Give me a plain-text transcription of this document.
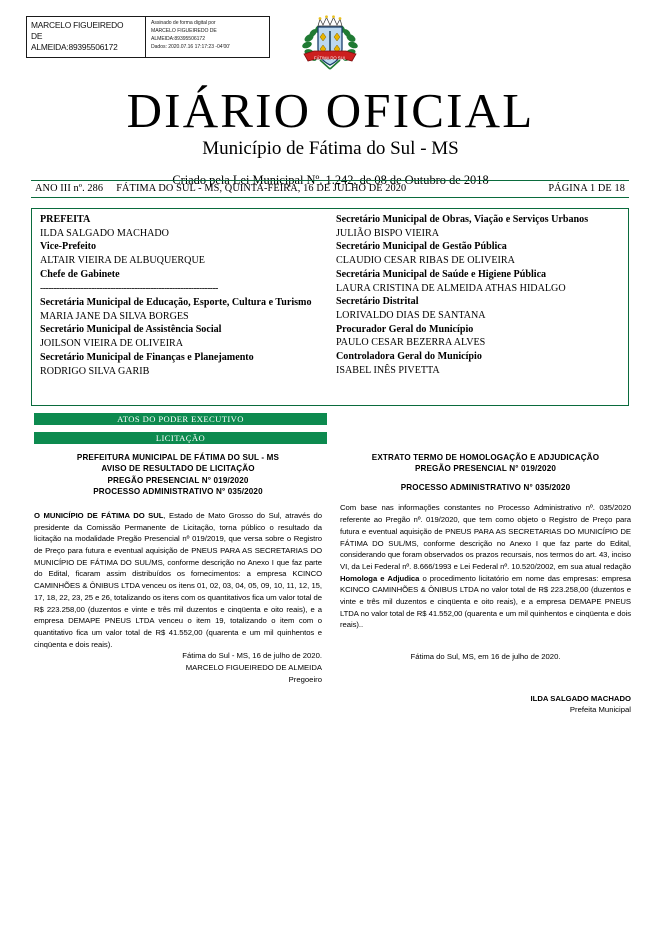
MARCELO FIGUEIREDO
DE
ALMEIDA:89395506172
Assinado de forma digital por
MARCELO FIGUEIREDO DE
ALMEIDA:89395506172
Dados: 2020.07.16 17:17:23 -04'00'
FÁTIMA DO SUL
DIÁRIO OFICIAL
Município de Fátima do Sul - MS
Criado pela Lei Municipal Nº. 1.242, de 08 de Outubro de 2018
ANO III nº. 286 FÁTIMA DO SUL - MS, QUINTA-FEIRA, 16 DE JULHO DE 2020	PÁGINA 1 DE 18
PREFEITA
ILDA SALGADO MACHADO
Vice-Prefeito
ALTAIR VIEIRA DE ALBUQUERQUE
Chefe de Gabinete
------------------------------------------------------------------
Secretária Municipal de Educação, Esporte, Cultura e Turismo
MARIA JANE DA SILVA BORGES
Secretário Municipal de Assistência Social
JOILSON VIEIRA DE OLIVEIRA
Secretário Municipal de Finanças e Planejamento
RODRIGO SILVA GARIB
Secretário Municipal de Obras, Viação e Serviços Urbanos
JULIÃO BISPO VIEIRA
Secretário Municipal de Gestão Pública
CLAUDIO CESAR RIBAS DE OLIVEIRA
Secretária Municipal de Saúde e Higiene Pública
LAURA CRISTINA DE ALMEIDA ATHAS HIDALGO
Secretário Distrital
LORIVALDO DIAS DE SANTANA
Procurador Geral do Município
PAULO CESAR BEZERRA ALVES
Controladora Geral do Município
ISABEL INÊS PIVETTA
ATOS DO PODER EXECUTIVO
LICITAÇÃO
PREFEITURA MUNICIPAL DE FÁTIMA DO SUL - MS
AVISO DE RESULTADO DE LICITAÇÃO
PREGÃO PRESENCIAL N° 019/2020
PROCESSO ADMINISTRATIVO N° 035/2020
O MUNICÍPIO DE FÁTIMA DO SUL, Estado de Mato Grosso do Sul, através do presidente da Comissão Permanente de Licitação, torna público o resultado da licitação na modalidade Pregão Presencial nº 019/2019, que versa sobre o Registro de Preço para futura e eventual aquisição de PNEUS PARA AS SECRETARIAS DO MUNICÍPIO DE FÁTIMA DO SUL/MS, conforme descrição no Anexo I que faz parte do Edital, ficaram assim distribuídos os fornecimentos: a empresa KCINCO CAMINHÕES & ÔNIBUS LTDA venceu os itens 01, 02, 03, 04, 05, 09, 10, 11, 12, 15, 17, 18, 22, 23, 25 e 26, totalizando os itens com os quantitativos fica um valor total de R$ 223.258,00 (duzentos e vinte e três mil duzentos e cinqüenta e oito reais), e a empresa DEMAPE PNEUS LTDA venceu o item 19, totalizando o item com o quantitativo fica um valor total de R$ 41.552,00 (quarenta e um mil quinhentos e cinqüenta e dois reais).
Fátima do Sul - MS, 16 de julho de 2020.
MARCELO FIGUEIREDO DE ALMEIDA
Pregoeiro
EXTRATO TERMO DE HOMOLOGAÇÃO E ADJUDICAÇÃO
PREGÃO PRESENCIAL N° 019/2020
PROCESSO ADMINISTRATIVO N° 035/2020
Com base nas informações constantes no Processo Administrativo nº. 035/2020 referente ao Pregão nº. 019/2020, que tem como objeto o Registro de Preço para futura e eventual aquisição de PNEUS PARA AS SECRETARIAS DO MUNICÍPIO DE FÁTIMA DO SUL/MS, conforme descrição no Anexo I que faz parte do Edital, considerando que foram observados os prazos recursais, nos termos do art. 43, inciso VI, da Lei Federal nº. 8.666/1993 e Lei Federal nº. 10.520/2002, em sua atual redação Homologa e Adjudica o procedimento licitatório em nome das empresas: empresa KCINCO CAMINHÕES & ÔNIBUS LTDA no valor total de R$ 223.258,00 (duzentos e vinte e três mil duzentos e cinqüenta e oito reais), e a empresa DEMAPE PNEUS LTDA no valor total de R$ 41.552,00 (quarenta e um mil quinhentos e cinqüenta e dois reais)..
Fátima do Sul, MS, em 16 de julho de 2020.
ILDA SALGADO MACHADO
Prefeita Municipal
